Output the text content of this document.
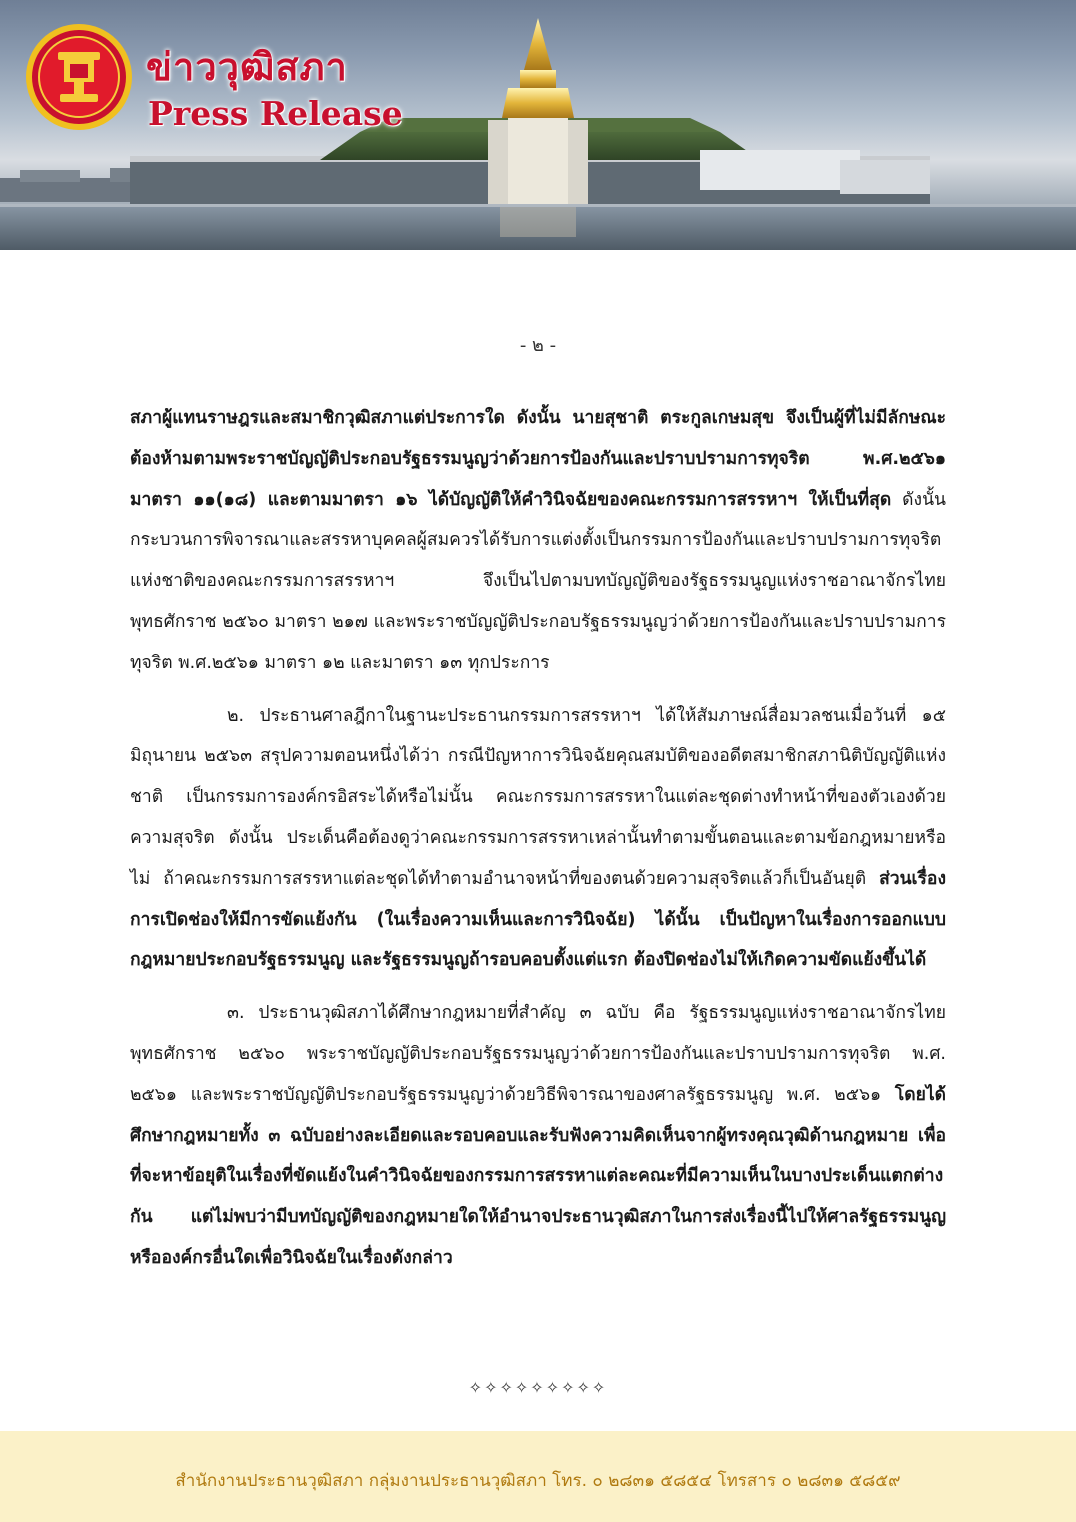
ข่าววุฒิสภา
Press Release
- ๒ -

สภาผู้แทนราษฎรและสมาชิกวุฒิสภาแต่ประการใด ดังนั้น นายสุชาติ ตระกูลเกษมสุข จึงเป็นผู้ที่ไม่มีลักษณะต้องห้ามตามพระราชบัญญัติประกอบรัฐธรรมนูญว่าด้วยการป้องกันและปราบปรามการทุจริต พ.ศ.๒๕๖๑ มาตรา ๑๑(๑๘) และตามมาตรา ๑๖ ได้บัญญัติให้คำวินิจฉัยของคณะกรรมการสรรหาฯ ให้เป็นที่สุด ดังนั้น กระบวนการพิจารณาและสรรหาบุคคลผู้สมควรได้รับการแต่งตั้งเป็นกรรมการป้องกันและปราบปรามการทุจริตแห่งชาติของคณะกรรมการสรรหาฯ จึงเป็นไปตามบทบัญญัติของรัฐธรรมนูญแห่งราชอาณาจักรไทย พุทธศักราช ๒๕๖๐ มาตรา ๒๑๗ และพระราชบัญญัติประกอบรัฐธรรมนูญว่าด้วยการป้องกันและปราบปรามการทุจริต พ.ศ.๒๕๖๑ มาตรา ๑๒ และมาตรา ๑๓ ทุกประการ

๒. ประธานศาลฎีกาในฐานะประธานกรรมการสรรหาฯ ได้ให้สัมภาษณ์สื่อมวลชนเมื่อวันที่ ๑๕ มิถุนายน ๒๕๖๓ สรุปความตอนหนึ่งได้ว่า กรณีปัญหาการวินิจฉัยคุณสมบัติของอดีตสมาชิกสภานิติบัญญัติแห่งชาติ เป็นกรรมการองค์กรอิสระได้หรือไม่นั้น คณะกรรมการสรรหาในแต่ละชุดต่างทำหน้าที่ของตัวเองด้วยความสุจริต ดังนั้น ประเด็นคือต้องดูว่าคณะกรรมการสรรหาเหล่านั้นทำตามขั้นตอนและตามข้อกฎหมายหรือไม่ ถ้าคณะกรรมการสรรหาแต่ละชุดได้ทำตามอำนาจหน้าที่ของตนด้วยความสุจริตแล้วก็เป็นอันยุติ ส่วนเรื่องการเปิดช่องให้มีการขัดแย้งกัน (ในเรื่องความเห็นและการวินิจฉัย) ได้นั้น เป็นปัญหาในเรื่องการออกแบบกฎหมายประกอบรัฐธรรมนูญ และรัฐธรรมนูญถ้ารอบคอบตั้งแต่แรก ต้องปิดช่องไม่ให้เกิดความขัดแย้งขึ้นได้

๓. ประธานวุฒิสภาได้ศึกษากฎหมายที่สำคัญ ๓ ฉบับ คือ รัฐธรรมนูญแห่งราชอาณาจักรไทย พุทธศักราช ๒๕๖๐ พระราชบัญญัติประกอบรัฐธรรมนูญว่าด้วยการป้องกันและปราบปรามการทุจริต พ.ศ. ๒๕๖๑ และพระราชบัญญัติประกอบรัฐธรรมนูญว่าด้วยวิธีพิจารณาของศาลรัฐธรรมนูญ พ.ศ. ๒๕๖๑ โดยได้ศึกษากฎหมายทั้ง ๓ ฉบับอย่างละเอียดและรอบคอบและรับฟังความคิดเห็นจากผู้ทรงคุณวุฒิด้านกฎหมาย เพื่อที่จะหาข้อยุติในเรื่องที่ขัดแย้งในคำวินิจฉัยของกรรมการสรรหาแต่ละคณะที่มีความเห็นในบางประเด็นแตกต่างกัน แต่ไม่พบว่ามีบทบัญญัติของกฎหมายใดให้อำนาจประธานวุฒิสภาในการส่งเรื่องนี้ไปให้ศาลรัฐธรรมนูญ หรือองค์กรอื่นใดเพื่อวินิจฉัยในเรื่องดังกล่าว

✧✧✧✧✧✧✧✧✧
สำนักงานประธานวุฒิสภา กลุ่มงานประธานวุฒิสภา โทร. ๐ ๒๘๓๑ ๕๘๕๔ โทรสาร ๐ ๒๘๓๑ ๕๘๕๙
